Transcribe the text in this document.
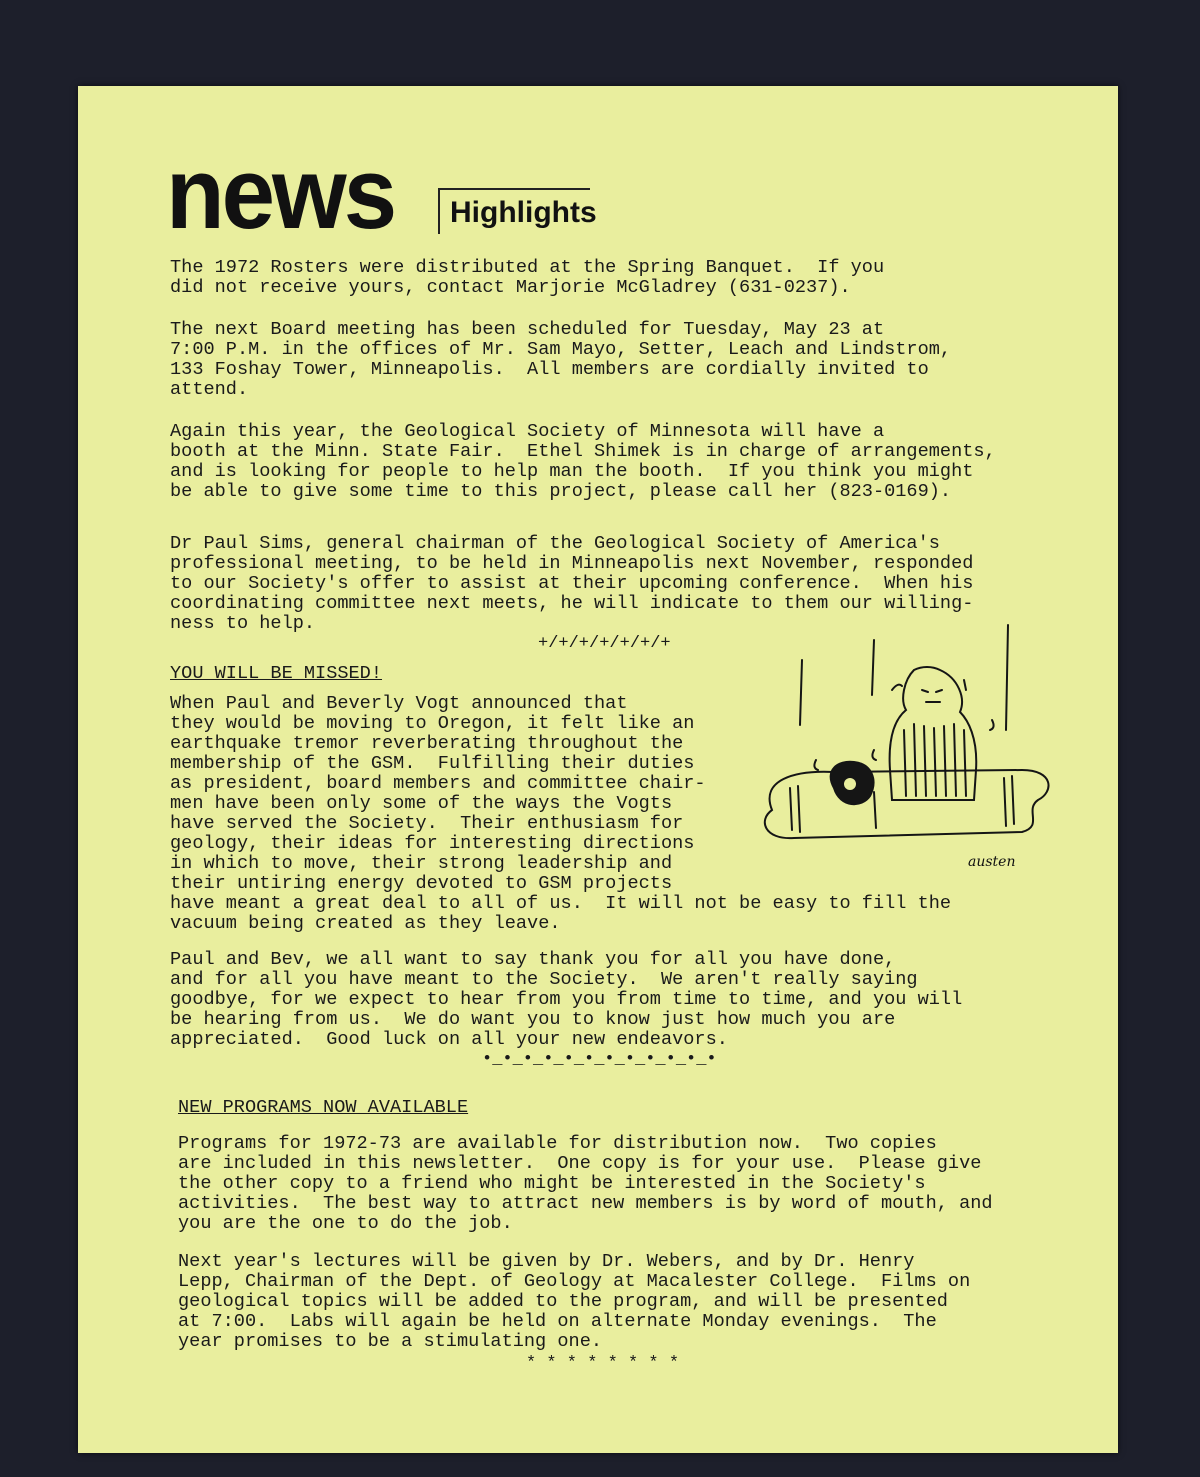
news Highlights
The 1972 Rosters were distributed at the Spring Banquet.  If you
did not receive yours, contact Marjorie McGladrey (631-0237).
The next Board meeting has been scheduled for Tuesday, May 23 at
7:00 P.M. in the offices of Mr. Sam Mayo, Setter, Leach and Lindstrom,
133 Foshay Tower, Minneapolis.  All members are cordially invited to
attend.
Again this year, the Geological Society of Minnesota will have a
booth at the Minn. State Fair.  Ethel Shimek is in charge of arrangements,
and is looking for people to help man the booth.  If you think you might
be able to give some time to this project, please call her (823-0169).
Dr Paul Sims, general chairman of the Geological Society of America's
professional meeting, to be held in Minneapolis next November, responded
to our Society's offer to assist at their upcoming conference.  When his
coordinating committee next meets, he will indicate to them our willing-
ness to help.
+/+/+/+/+/+/+
YOU WILL BE MISSED!
When Paul and Beverly Vogt announced that
they would be moving to Oregon, it felt like an
earthquake tremor reverberating throughout the
membership of the GSM.  Fulfilling their duties
as president, board members and committee chair-
men have been only some of the ways the Vogts
have served the Society.  Their enthusiasm for
geology, their ideas for interesting directions
in which to move, their strong leadership and
their untiring energy devoted to GSM projects
have meant a great deal to all of us.  It will not be easy to fill the
vacuum being created as they leave.
austen
Paul and Bev, we all want to say thank you for all you have done,
and for all you have meant to the Society.  We aren't really saying
goodbye, for we expect to hear from you from time to time, and you will
be hearing from us.  We do want you to know just how much you are
appreciated.  Good luck on all your new endeavors.
•_•_•_•_•_•_•_•_•_•_•_•
NEW PROGRAMS NOW AVAILABLE
Programs for 1972-73 are available for distribution now.  Two copies
are included in this newsletter.  One copy is for your use.  Please give
the other copy to a friend who might be interested in the Society's
activities.  The best way to attract new members is by word of mouth, and
you are the one to do the job.
Next year's lectures will be given by Dr. Webers, and by Dr. Henry
Lepp, Chairman of the Dept. of Geology at Macalester College.  Films on
geological topics will be added to the program, and will be presented
at 7:00.  Labs will again be held on alternate Monday evenings.  The
year promises to be a stimulating one.
* * * * * * * *
